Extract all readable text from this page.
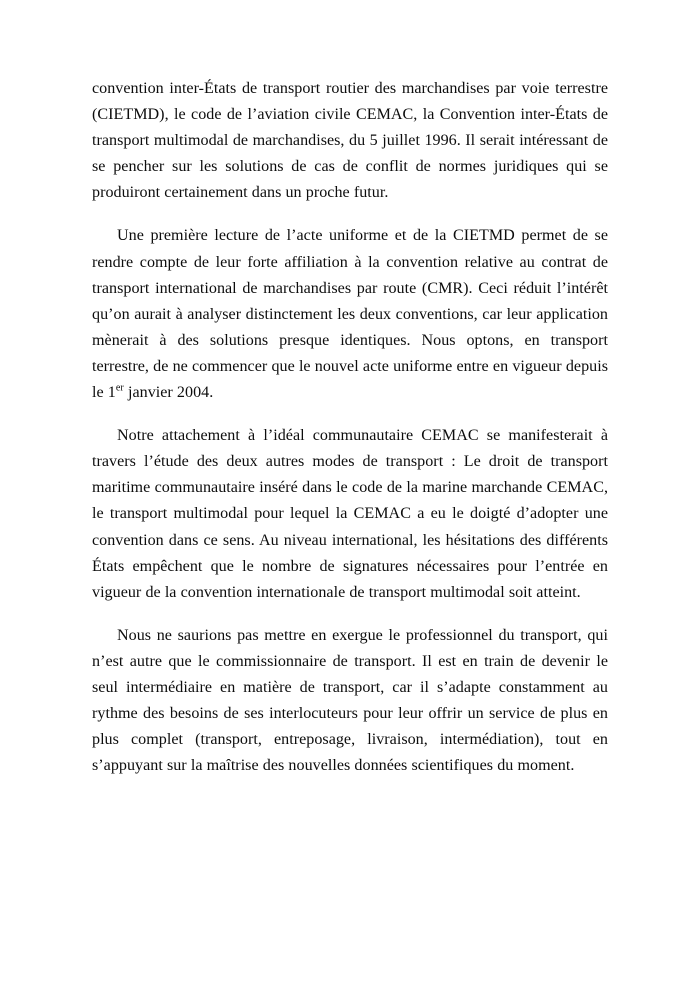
convention inter-États de transport routier des marchandises par voie terrestre (CIETMD), le code de l’aviation civile CEMAC, la Convention inter-États de transport multimodal de marchandises, du 5 juillet 1996. Il serait intéressant de se pencher sur les solutions de cas de conflit de normes juridiques qui se produiront certainement dans un proche futur.

Une première lecture de l’acte uniforme et de la CIETMD permet de se rendre compte de leur forte affiliation à la convention relative au contrat de transport international de marchandises par route (CMR). Ceci réduit l’intérêt qu’on aurait à analyser distinctement les deux conventions, car leur application mènerait à des solutions presque identiques. Nous optons, en transport terrestre, de ne commencer que le nouvel acte uniforme entre en vigueur depuis le 1er janvier 2004.

Notre attachement à l’idéal communautaire CEMAC se manifesterait à travers l’étude des deux autres modes de transport : Le droit de transport maritime communautaire inséré dans le code de la marine marchande CEMAC, le transport multimodal pour lequel la CEMAC a eu le doigté d’adopter une convention dans ce sens. Au niveau international, les hésitations des différents États empêchent que le nombre de signatures nécessaires pour l’entrée en vigueur de la convention internationale de transport multimodal soit atteint.

Nous ne saurions pas mettre en exergue le professionnel du transport, qui n’est autre que le commissionnaire de transport. Il est en train de devenir le seul intermédiaire en matière de transport, car il s’adapte constamment au rythme des besoins de ses interlocuteurs pour leur offrir un service de plus en plus complet (transport, entreposage, livraison, intermédiation), tout en s’appuyant sur la maîtrise des nouvelles données scientifiques du moment.
